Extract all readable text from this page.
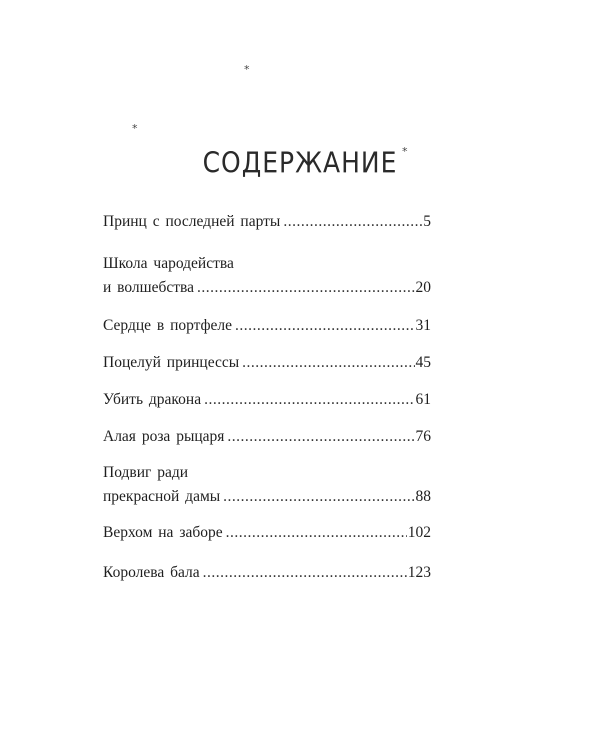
*
*
*
СОДЕРЖАНИЕ
Принц с последней парты .....	5
Школа чародейства
и волшебства .....	20
Сердце в портфеле .....	31
Поцелуй принцессы .....	45
Убить дракона .....	61
Алая роза рыцаря .....	76
Подвиг ради
прекрасной дамы .....	88
Верхом на заборе .....	102
Королева бала .....	123
